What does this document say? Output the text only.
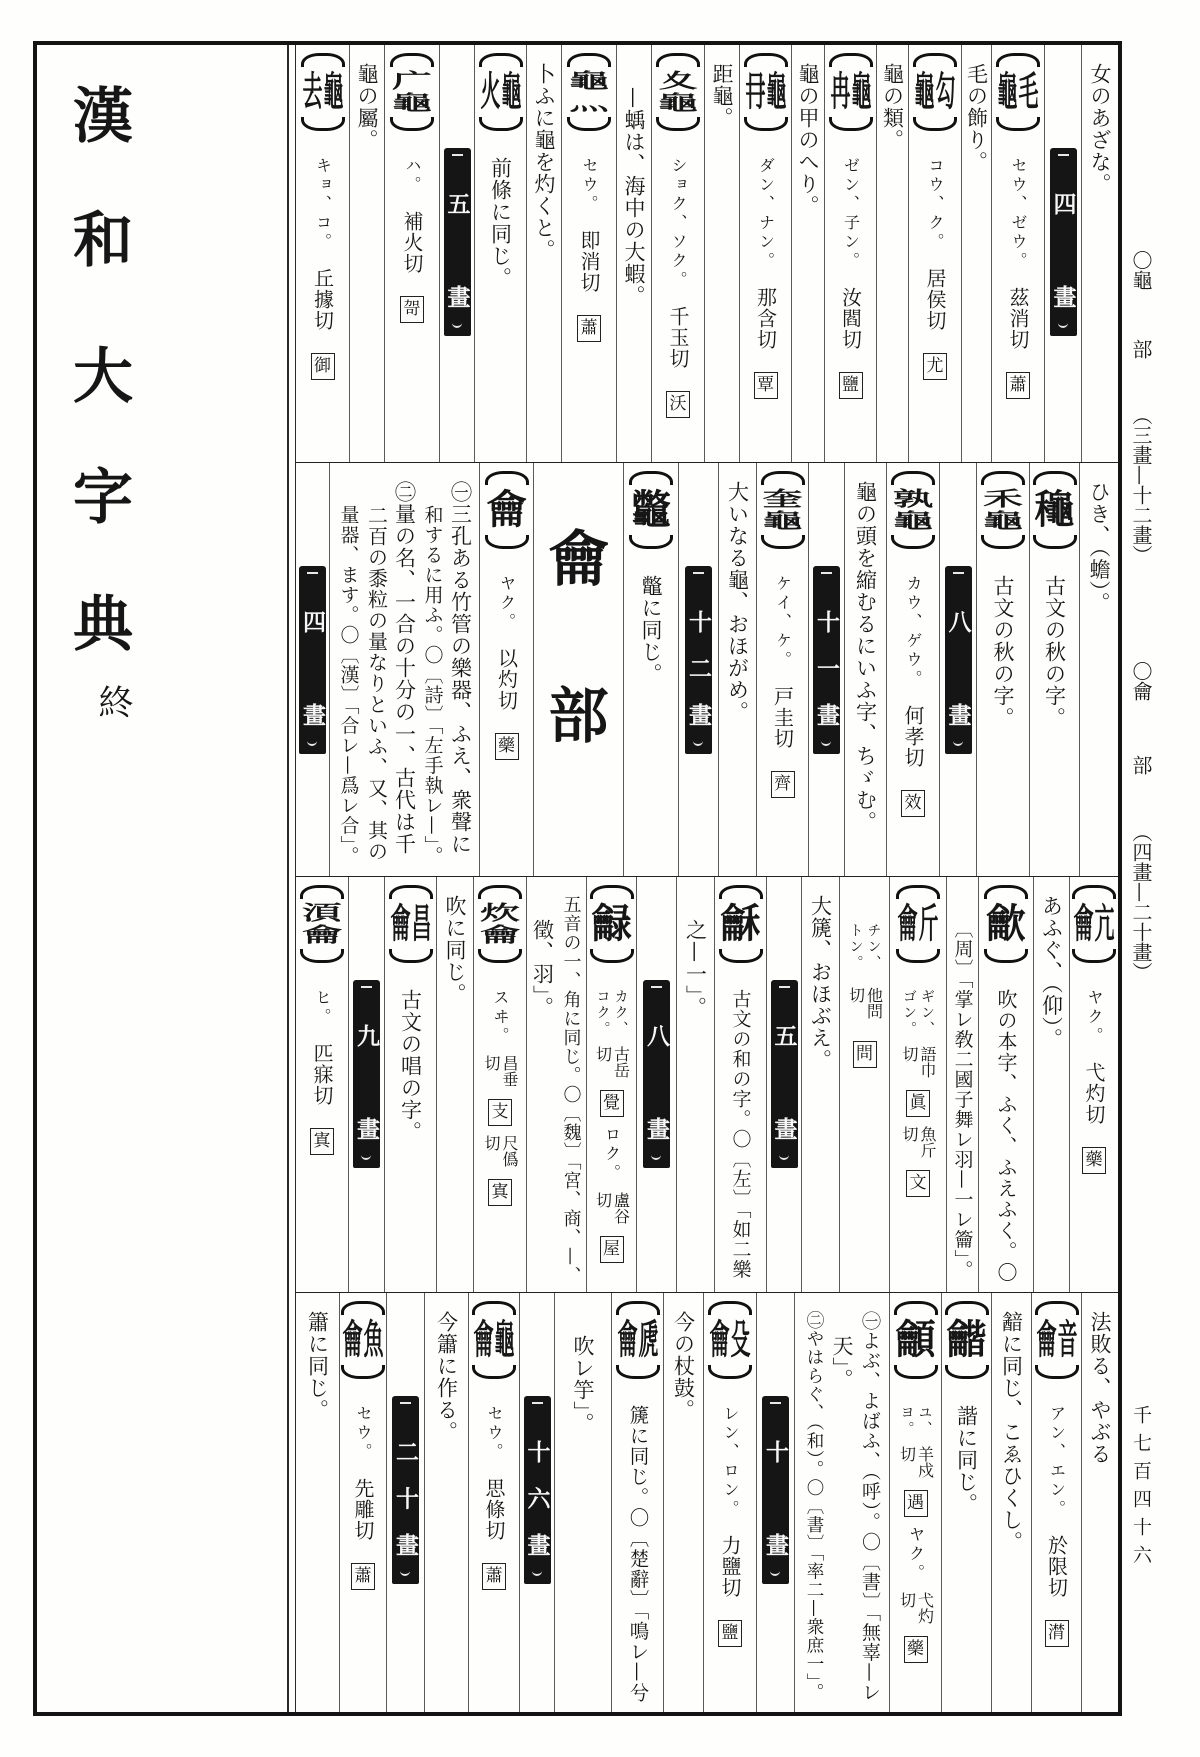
漢
和
大
字
典
終
女のあざな。
四畫
龜 毛
セウ、ゼウ。
茲消切
蕭
毛の飾り。
龜 勾
コウ、ク。
居侯切
尤
龜の類。
冉 龜
ゼン、子ン。
汝閻切
鹽
龜の甲のへり。
冄 龜
ダン、ナン。
那含切
覃
距龜。
夊
龜
ショク、ソク。
千玉切
沃
—蝺は、海中の大蝦。
龜
灬
セウ。
即消切
蕭
卜ふに龜を灼くと。
火 龜
前條に同じ。
五畫
广
龜
ハ。
補火切
哿
龜の屬。
去 龜
キョ、コ。
丘據切
御
ひき、（蟾）。
龝
古文の秋の字。
禾
龜
古文の秋の字。
八畫
孰
龜
カウ、ゲウ。
何孝切
效
龜の頭を縮むるにいふ字、ちゞむ。
十一畫
奎
龜
ケイ、ケ。
戸圭切
齊
大いなる龜、おほがめ。
十二畫
龞
鼈に同じ。
龠
部
龠
ヤク。
以灼切
藥
㊀三孔ある竹管の樂器、ふえ、衆聲に
和するに用ふ。〇〔詩〕「左手執レ—」。
㊁量の名、一合の十分の一、古代は千
二百の黍粒の量なりといふ、又、其の
量器、ます。〇〔漢〕「合レ—爲レ合」。
四畫
龠 亢
ヤク。
弋灼切
藥
あふぐ、（仰）。
龡
吹の本字、ふく、ふえふく。〇
〔周〕「掌レ敎二國子舞レ羽—一レ籥」。
龠 斤
ギン、
ゴン。
語巾
切
眞
魚斤
切
文
チン、
トン。
他問
切
問
大篪、おほぶえ。
五畫
龢
古文の和の字。〇〔左〕「如二樂
之—一」。
八畫
龣
カク、
コク。
古岳
切
覺
ロク。
盧谷
切
屋
五音の一、角に同じ。〇〔魏〕「宮、商、—、
徵、羽」。
炊
龠
スヰ。
昌垂
切
支
尺僞
切
寘
吹に同じ。
龠 昌
古文の唱の字。
九畫
湏
龠
ヒ。
匹寐切
寘
法敗る、やぶる
龠 音
アン、エン。
於限切
潸
韽に同じ、こゑひくし。
龤
諧に同じ。
龥
ユ、
ヨ。
羊戍
切
遇
ヤク。
弋灼
切
藥
㊀よぶ、よばふ、（呼）。〇〔書〕「無辜—レ
天」。
㊁やはらぐ、（和）。〇〔書〕「率二—衆庶一」。
十畫
龠 殳
レン、ロン。
力鹽切
鹽
今の杖鼓。
龠 虒
篪に同じ。〇〔楚辭〕「鳴レ—兮
吹レ竽」。
十六畫
龠 龜
セウ。
思條切
蕭
今簫に作る。
二十畫
龠 魚
セウ。
先雕切
蕭
簫に同じ。
〇龜
部
（三畫—十二畫）
〇龠
部
（四畫—二十畫）
千七百四十六
